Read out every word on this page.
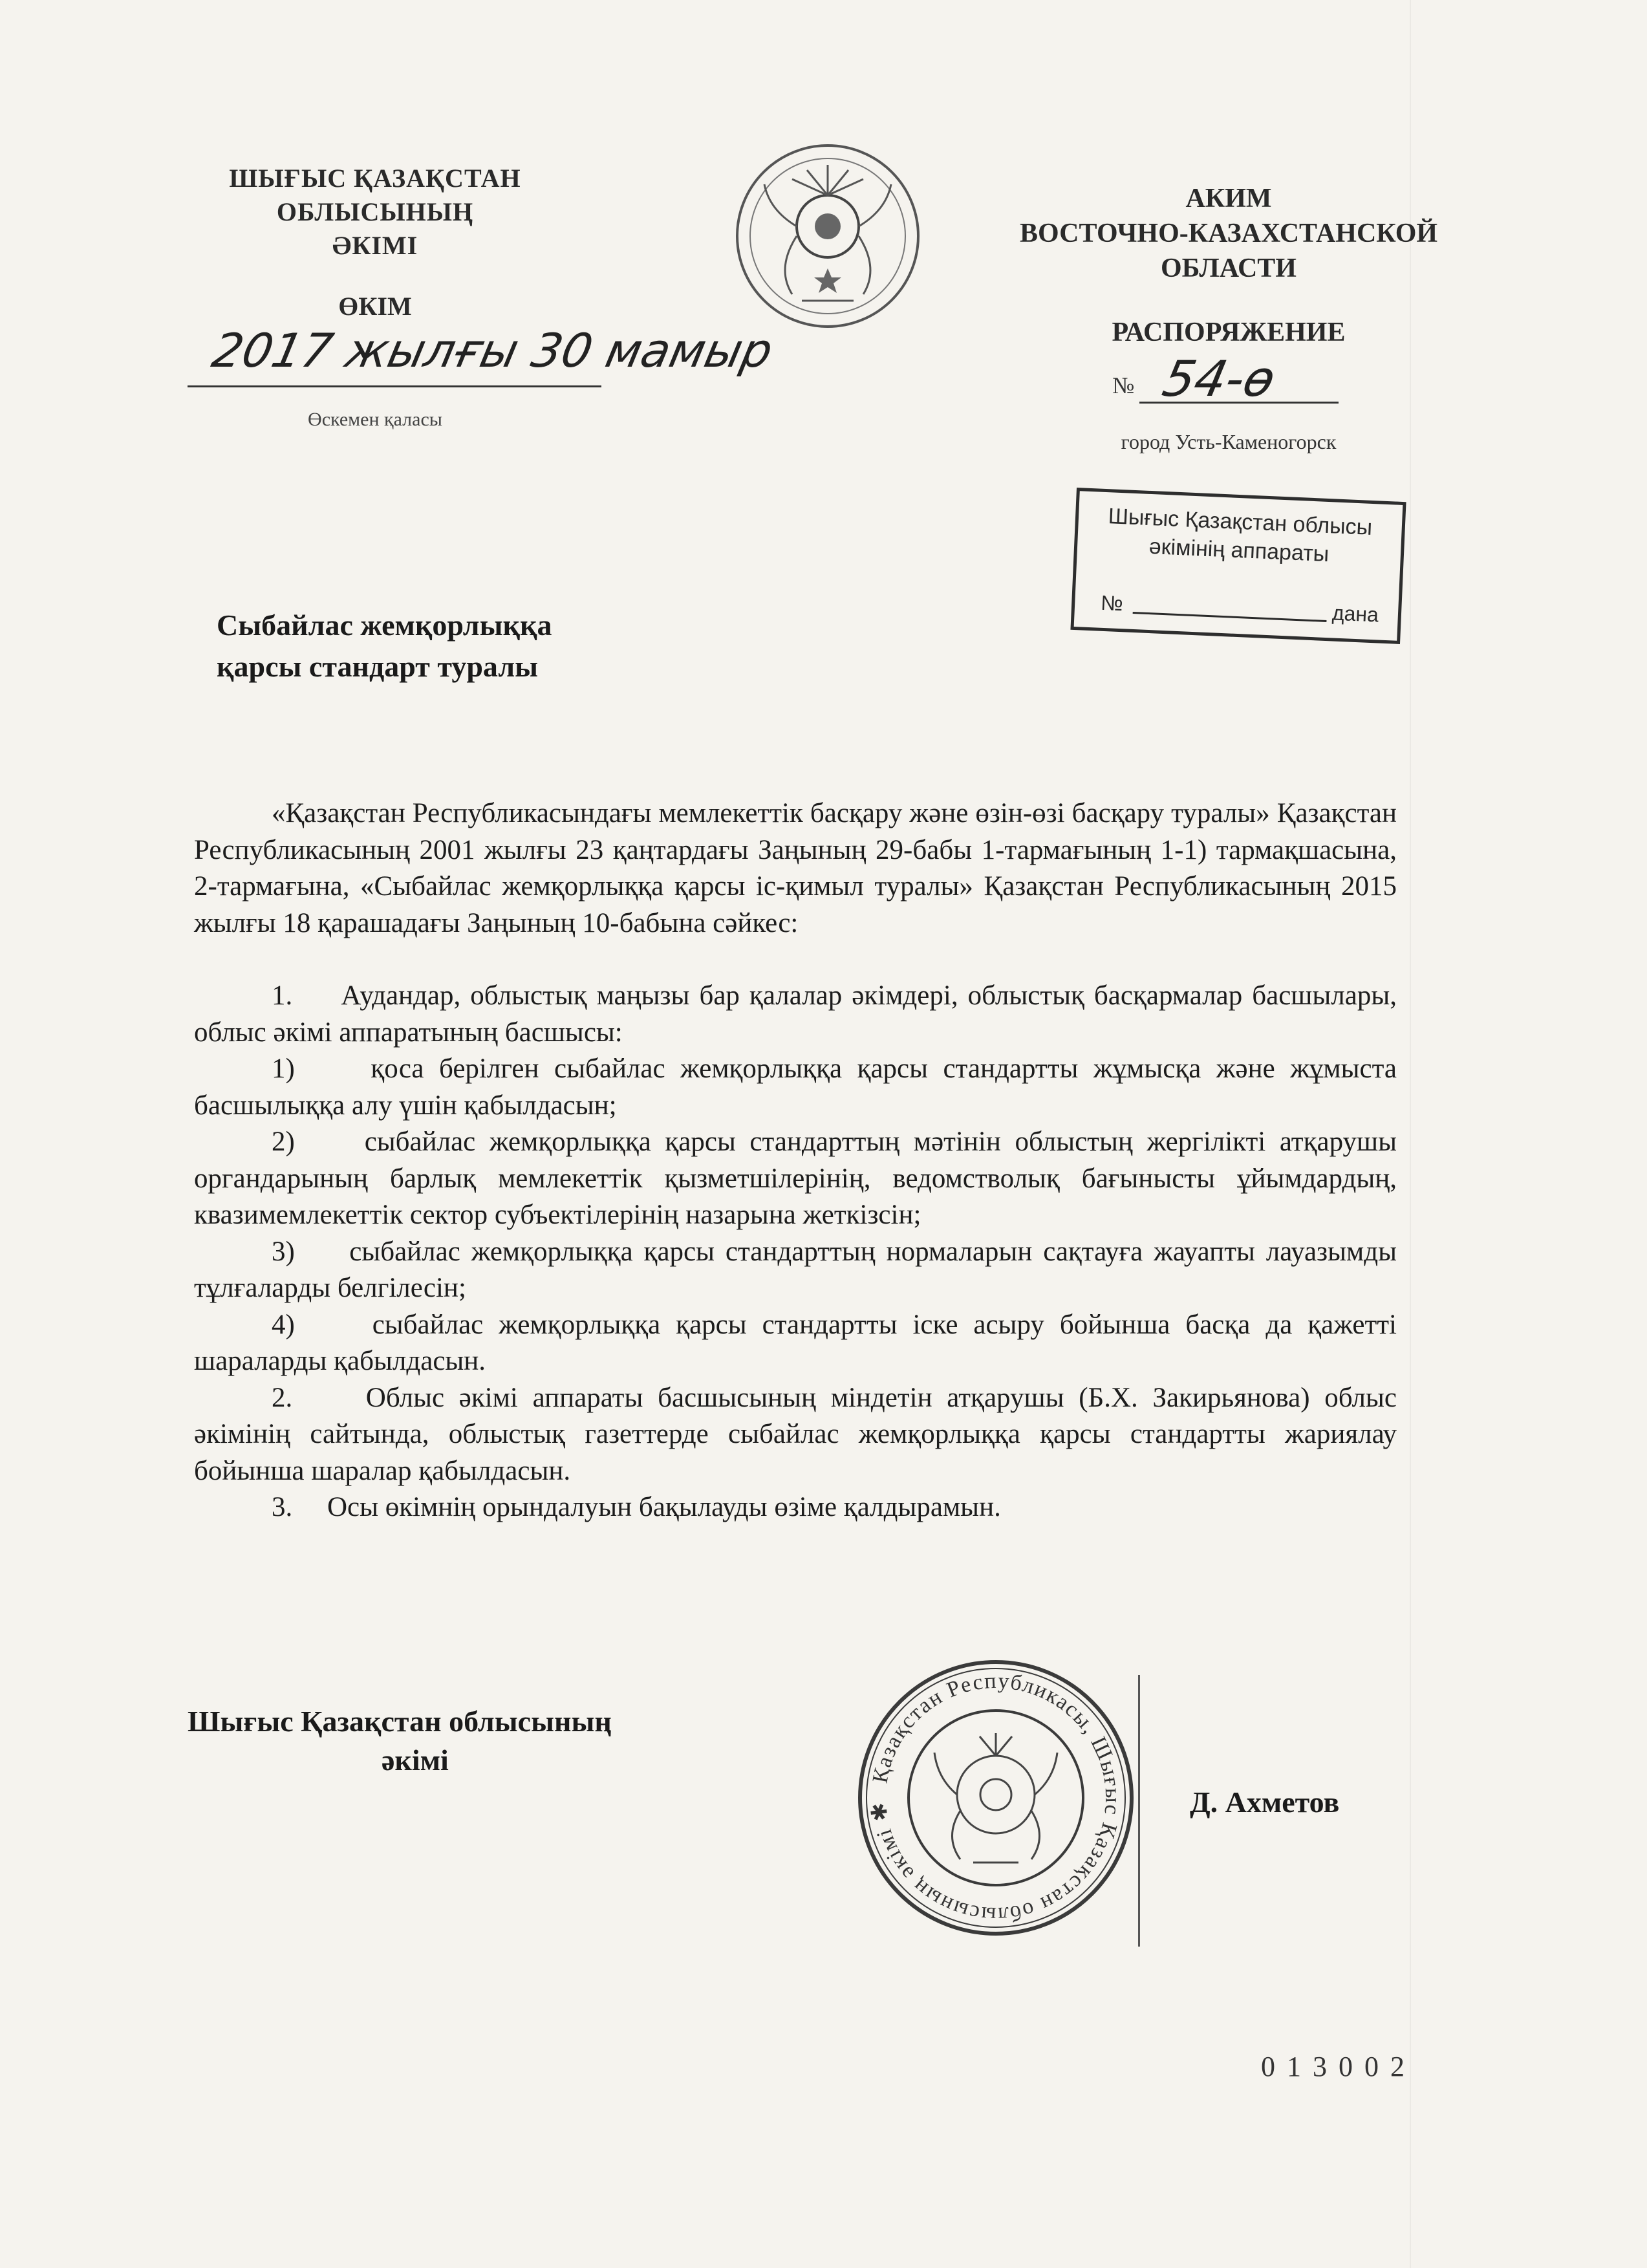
ШЫҒЫС ҚАЗАҚСТАН
ОБЛЫСЫНЫҢ
ӘКІМІ
АКИМ
ВОСТОЧНО-КАЗАХСТАНСКОЙ
ОБЛАСТИ
ӨКІМ
РАСПОРЯЖЕНИЕ
2017 жылғы 30 мамыр
№ 54-ө
Өскемен қаласы
город Усть-Каменогорск
Шығыс Қазақстан облысы
әкімінің аппараты
№	дана
Сыбайлас жемқорлыққа
қарсы стандарт туралы

«Қазақстан Республикасындағы мемлекеттік басқару және өзін-өзі басқару туралы» Қазақстан Республикасының 2001 жылғы 23 қаңтардағы Заңының 29-бабы 1-тармағының 1-1) тармақшасына, 2-тармағына, «Сыбайлас жемқорлыққа қарсы іс-қимыл туралы» Қазақстан Республикасының 2015 жылғы 18 қарашадағы Заңының 10-бабына сәйкес:

1.     Аудандар, облыстық маңызы бар қалалар әкімдері, облыстық басқармалар басшылары, облыс әкімі аппаратының басшысы:

1)     қоса берілген сыбайлас жемқорлыққа қарсы стандартты жұмысқа және жұмыста басшылыққа алу үшін қабылдасын;

2)     сыбайлас жемқорлыққа қарсы стандарттың мәтінін облыстың жергілікті атқарушы органдарының барлық мемлекеттік қызметшілерінің, ведомстволық бағынысты ұйымдардың, квазимемлекеттік сектор субъектілерінің назарына жеткізсін;

3)     сыбайлас жемқорлыққа қарсы стандарттың нормаларын сақтауға жауапты лауазымды тұлғаларды белгілесін;

4)     сыбайлас жемқорлыққа қарсы стандартты іске асыру бойынша басқа да қажетті шараларды қабылдасын.

2.     Облыс әкімі аппараты басшысының міндетін атқарушы (Б.Х. Закирьянова) облыс әкімінің сайтында, облыстық газеттерде сыбайлас жемқорлыққа қарсы стандартты жариялау бойынша шаралар қабылдасын.

3.     Осы өкімнің орындалуын бақылауды өзіме қалдырамын.

Шығыс Қазақстан облысының
әкімі	Қазақстан Республикасы, Шығыс Қазақстан облысының әкімі ✱	Д. Ахметов
013002
